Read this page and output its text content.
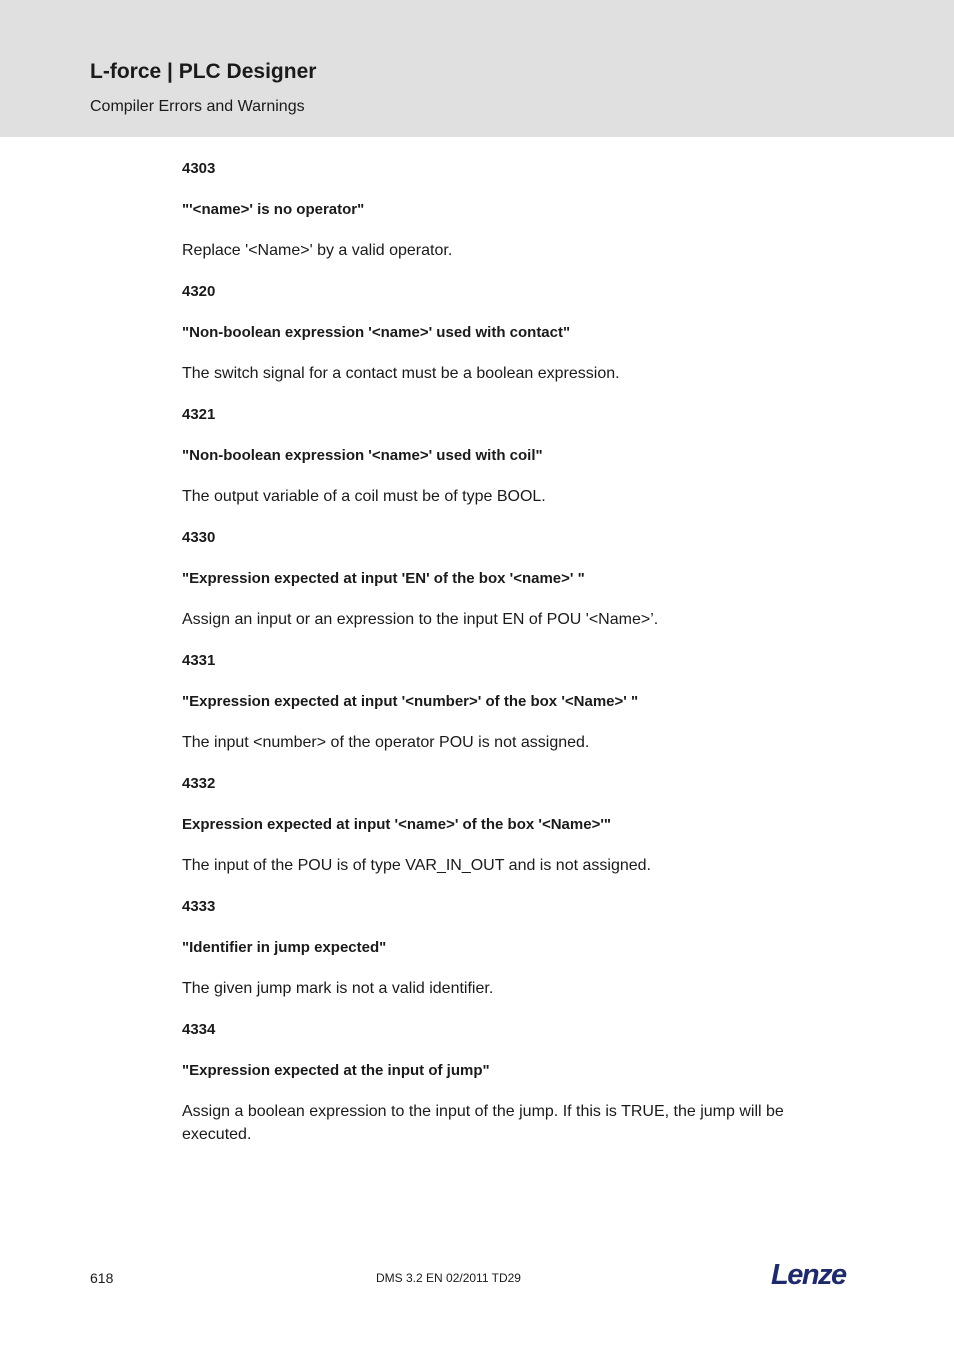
L-force | PLC Designer
Compiler Errors and Warnings

4303

"'<name>' is no operator"

Replace '<Name>' by a valid operator.

4320

"Non-boolean expression '<name>' used with contact"

The switch signal for a contact must be a boolean expression.

4321

"Non-boolean expression '<name>' used with coil"

The output variable of a coil must be of type BOOL.

4330

"Expression expected at input 'EN' of the box '<name>' "

Assign an input or an expression to the input EN of POU '<Name>’.

4331

"Expression expected at input '<number>' of the box '<Name>' "

The input <number> of the operator POU is not assigned.

4332

Expression expected at input '<name>' of the box '<Name>'"

The input of the POU is of type VAR_IN_OUT and is not assigned.

4333

"Identifier in jump expected"

The given jump mark is not a valid identifier.

4334

"Expression expected at the input of jump"

Assign a boolean expression to the input of the jump. If this is TRUE, the jump will be executed.

618	DMS 3.2 EN 02/2011 TD29	Lenze
